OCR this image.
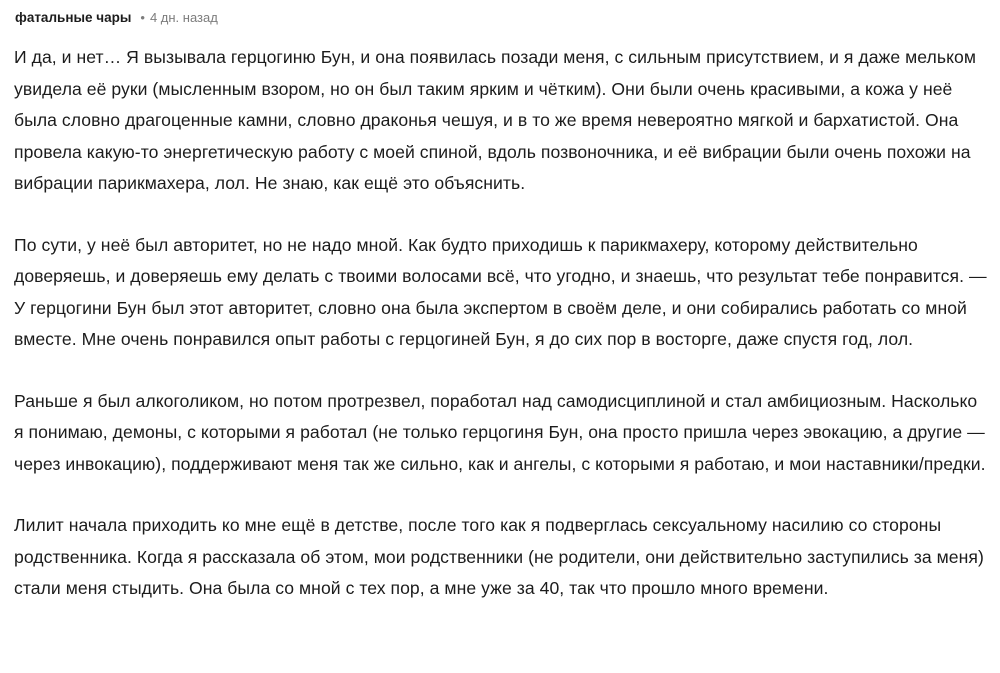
фатальные чары • 4 дн. назад

И да, и нет… Я вызывала герцогиню Бун, и она появилась позади меня, с сильным присутствием, и я даже мельком увидела её руки (мысленным взором, но он был таким ярким и чётким). Они были очень красивыми, а кожа у неё была словно драгоценные камни, словно драконья чешуя, и в то же время невероятно мягкой и бархатистой. Она провела какую-то энергетическую работу с моей спиной, вдоль позвоночника, и её вибрации были очень похожи на вибрации парикмахера, лол. Не знаю, как ещё это объяснить.

По сути, у неё был авторитет, но не надо мной. Как будто приходишь к парикмахеру, которому действительно доверяешь, и доверяешь ему делать с твоими волосами всё, что угодно, и знаешь, что результат тебе понравится. — У герцогини Бун был этот авторитет, словно она была экспертом в своём деле, и они собирались работать со мной вместе. Мне очень понравился опыт работы с герцогиней Бун, я до сих пор в восторге, даже спустя год, лол.

Раньше я был алкоголиком, но потом протрезвел, поработал над самодисциплиной и стал амбициозным. Насколько я понимаю, демоны, с которыми я работал (не только герцогиня Бун, она просто пришла через эвокацию, а другие — через инвокацию), поддерживают меня так же сильно, как и ангелы, с которыми я работаю, и мои наставники/предки.

Лилит начала приходить ко мне ещё в детстве, после того как я подверглась сексуальному насилию со стороны родственника. Когда я рассказала об этом, мои родственники (не родители, они действительно заступились за меня) стали меня стыдить. Она была со мной с тех пор, а мне уже за 40, так что прошло много времени.
